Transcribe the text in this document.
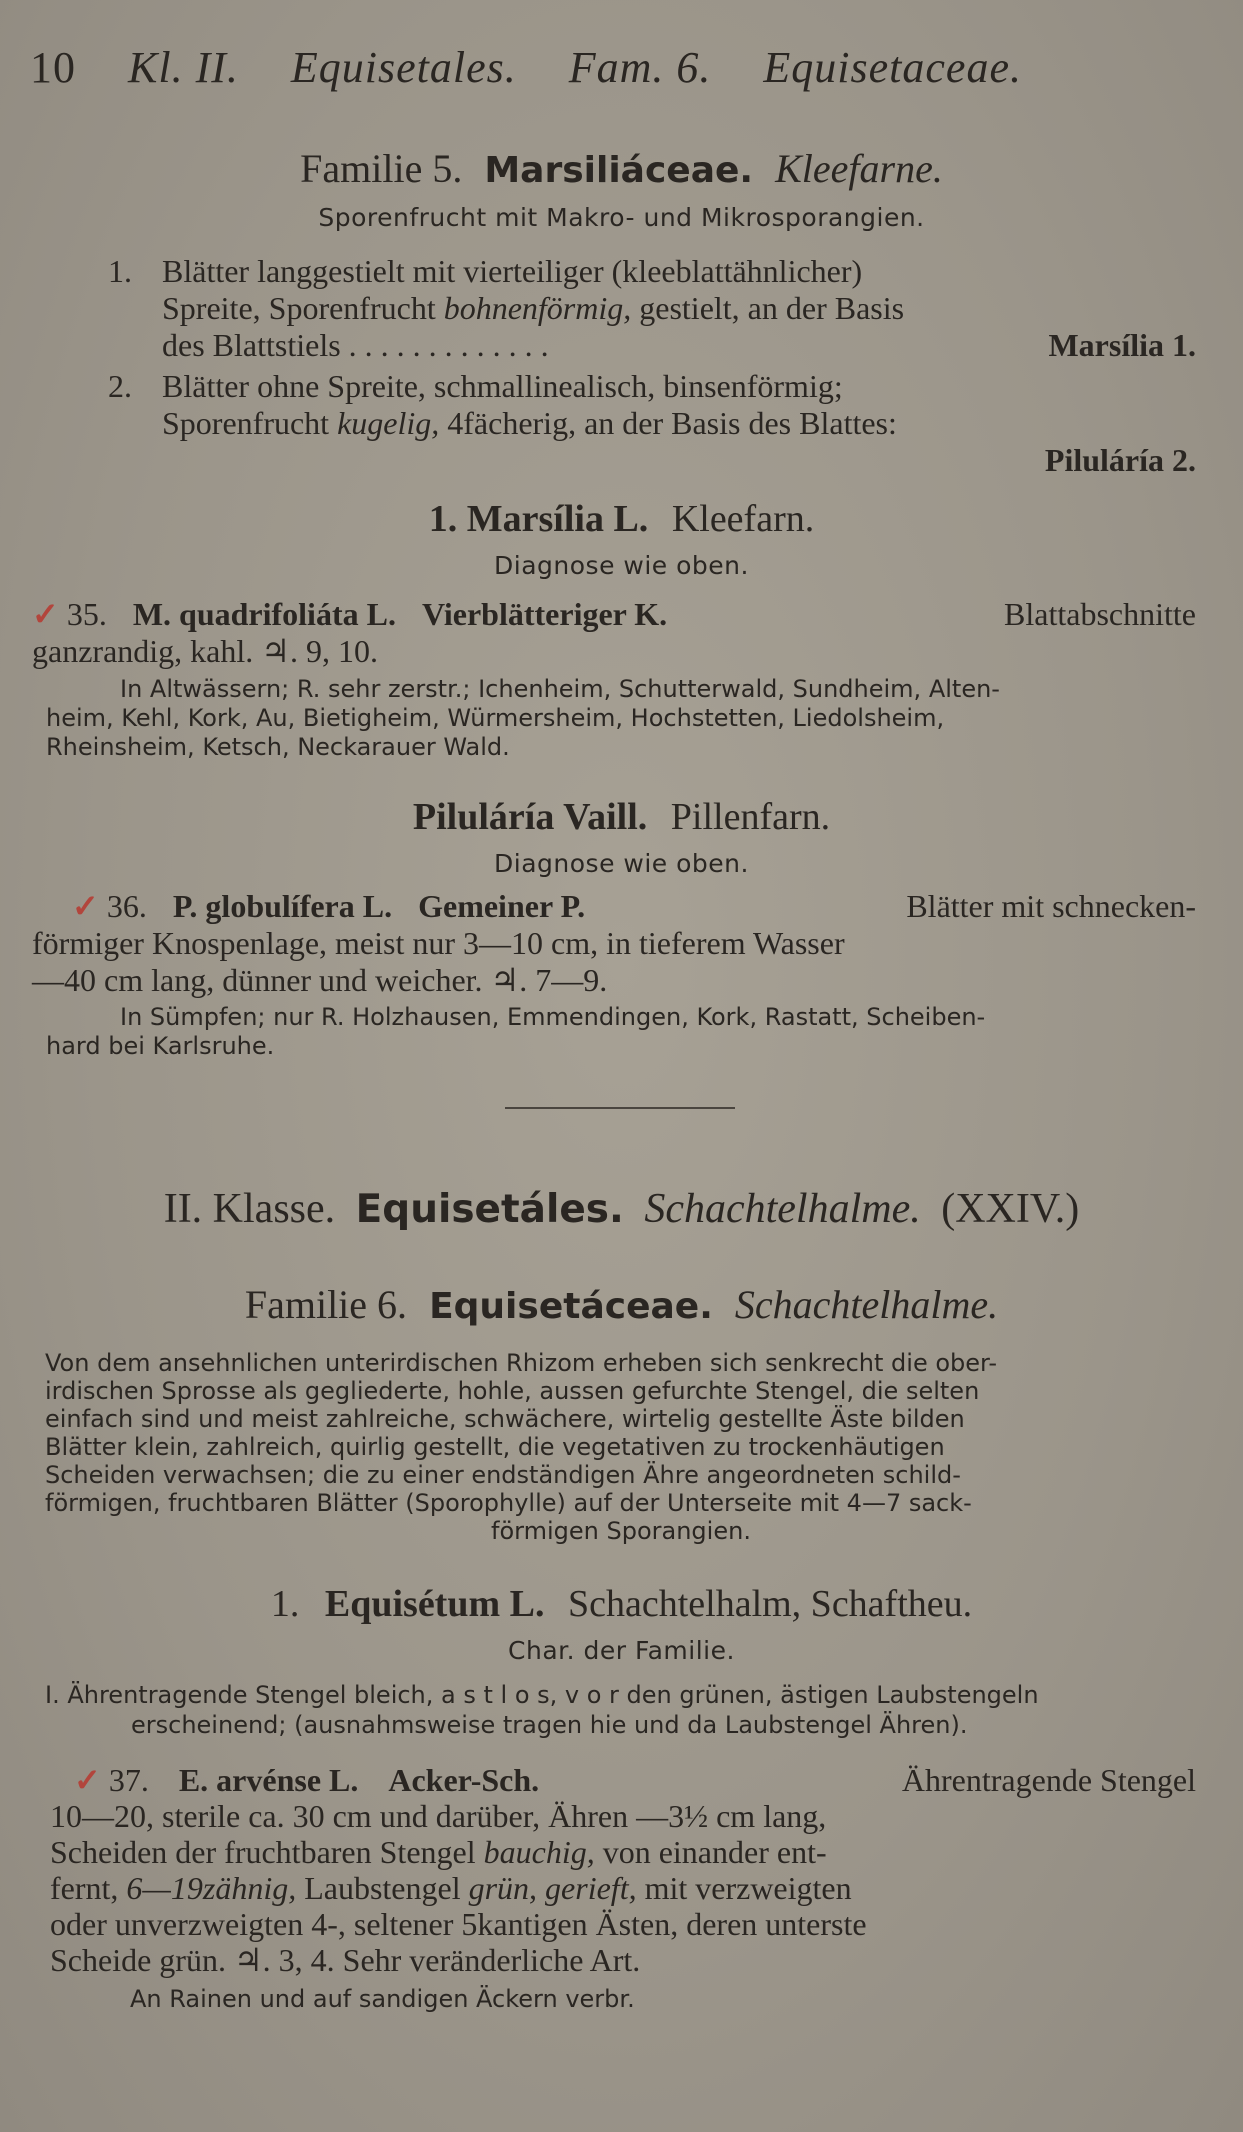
10 Kl. II. Equisetales. Fam. 6. Equisetaceae.
Familie 5. Marsiliáceae. Kleefarne.
Sporenfrucht mit Makro- und Mikrosporangien.
1. Blätter langgestielt mit vierteiliger (kleeblattähnlicher)
Spreite, Sporenfrucht bohnenförmig, gestielt, an der Basis
des Blattstiels . . . . . . . . . . . . .	Marsília 1.
2. Blätter ohne Spreite, schmallinealisch, binsenförmig;
Sporenfrucht kugelig, 4fächerig, an der Basis des Blattes:
Piluláría 2.
1. Marsília L. Kleefarn.
Diagnose wie oben.
✓ 35. M. quadrifoliáta L. Vierblätteriger K.	Blattabschnitte
ganzrandig, kahl. ♃. 9, 10.
In Altwässern; R. sehr zerstr.; Ichenheim, Schutterwald, Sundheim, Alten-
heim, Kehl, Kork, Au, Bietigheim, Würmersheim, Hochstetten, Liedolsheim,
Rheinsheim, Ketsch, Neckarauer Wald.
Piluláría Vaill. Pillenfarn.
Diagnose wie oben.
✓ 36. P. globulífera L. Gemeiner P.	Blätter mit schnecken-
förmiger Knospenlage, meist nur 3—10 cm, in tieferem Wasser
—40 cm lang, dünner und weicher. ♃. 7—9.
In Sümpfen; nur R. Holzhausen, Emmendingen, Kork, Rastatt, Scheiben-
hard bei Karlsruhe.
II. Klasse. Equisetáles. Schachtelhalme. (XXIV.)
Familie 6. Equisetáceae. Schachtelhalme.
Von dem ansehnlichen unterirdischen Rhizom erheben sich senkrecht die ober-
irdischen Sprosse als gegliederte, hohle, aussen gefurchte Stengel, die selten
einfach sind und meist zahlreiche, schwächere, wirtelig gestellte Äste bilden
Blätter klein, zahlreich, quirlig gestellt, die vegetativen zu trockenhäutigen
Scheiden verwachsen; die zu einer endständigen Ähre angeordneten schild-
förmigen, fruchtbaren Blätter (Sporophylle) auf der Unterseite mit 4—7 sack-
förmigen Sporangien.
1. Equisétum L. Schachtelhalm, Schaftheu.
Char. der Familie.
I. Ährentragende Stengel bleich, a s t l o s, v o r den grünen, ästigen Laubstengeln
erscheinend; (ausnahmsweise tragen hie und da Laubstengel Ähren).
✓ 37. E. arvénse L. Acker-Sch.	Ährentragende Stengel
10—20, sterile ca. 30 cm und darüber, Ähren —3½ cm lang,
Scheiden der fruchtbaren Stengel bauchig, von einander ent-
fernt, 6—19zähnig, Laubstengel grün, gerieft, mit verzweigten
oder unverzweigten 4-, seltener 5kantigen Ästen, deren unterste
Scheide grün. ♃. 3, 4. Sehr veränderliche Art.
An Rainen und auf sandigen Äckern verbr.
